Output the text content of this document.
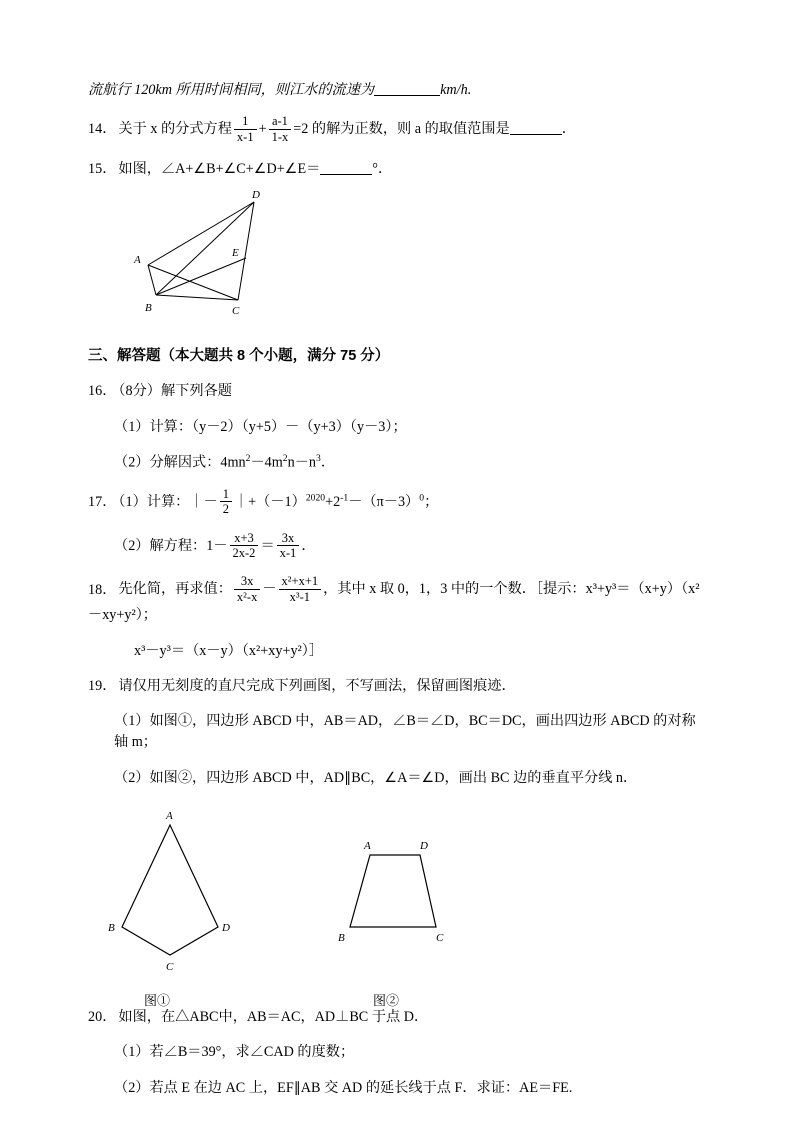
流航行 120km 所用时间相同，则江水的流速为	km/h.
14． 关于 x 的分式方程 $\frac{1}{x-1} + \frac{a-1}{1-x} =2$ 的解为正数，则 a 的取值范围是	．
15． 如图，∠A+∠B+∠C+∠D+∠E＝	°．
D
A
E
B	C
三、解答题（本大题共 8 个小题，满分 75 分）
16． （8分）解下列各题
（1）计算：（y－2）（y+5）－（y+3）（y－3）；
（2）分解因式：$4mn^2-4m^2n-n^3$．
17． （1）计算：｜－ $\frac{1}{2}$ $|+(-1)^{2020}+2^{-1}-(\pi-3)^0$；
（2）解方程：$1- \frac{x+3}{2x-2} = \frac{3x}{x-1}$ ．
18． 先化简，再求值： $\frac{3x}{\text{x²-x}} - \frac{\text{x²+x+1}}{\text{x³-1}}$ ，其中 x 取 0，1，3 中的一个数．［提示：x³+y³＝（x+y）（x²－xy+y²）；
x³－y³＝（x－y）（x²+xy+y²）］
19． 请仅用无刻度的直尺完成下列画图，不写画法，保留画图痕迹．
（1）如图①，四边形 ABCD 中，AB＝AD，∠B＝∠D，BC＝DC，画出四边形 ABCD 的对称轴 m；
（2）如图②，四边形 ABCD 中，AD∥BC，∠A＝∠D，画出 BC 边的垂直平分线 n．
A
B
C
D
A	D
B	C
图①	图②
20． 如图，在△ABC中，AB＝AC，AD⊥BC 于点 D．
（1）若∠B＝39°，求∠CAD 的度数；
（2）若点 E 在边 AC 上，EF∥AB 交 AD 的延长线于点 F．求证：AE＝FE.
